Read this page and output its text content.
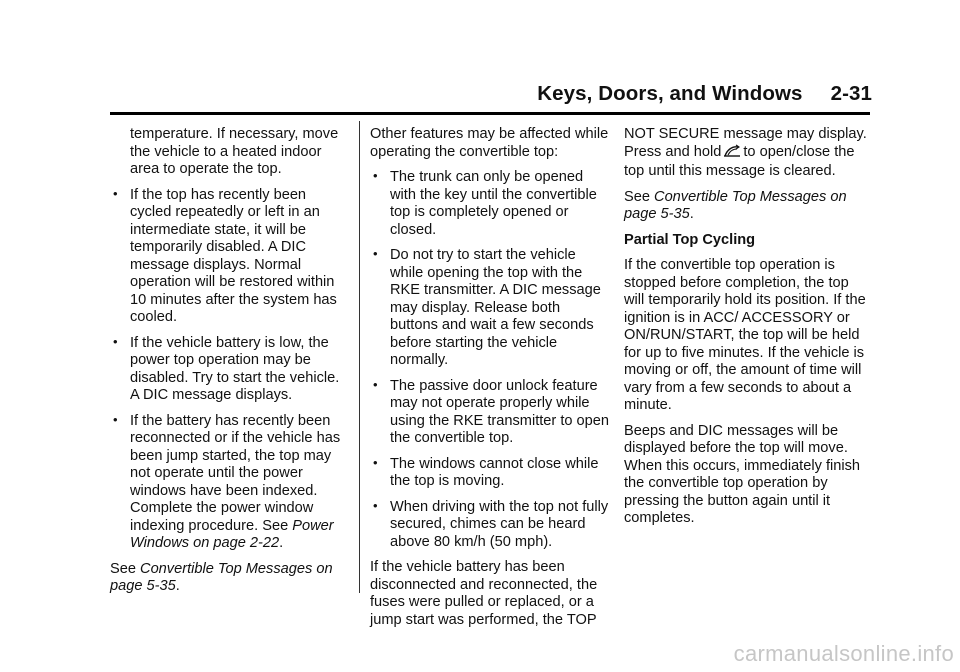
Keys, Doors, and Windows 2-31

temperature. If necessary, move the vehicle to a heated indoor area to operate the top.

• If the top has recently been cycled repeatedly or left in an intermediate state, it will be temporarily disabled. A DIC message displays. Normal operation will be restored within 10 minutes after the system has cooled.
• If the vehicle battery is low, the power top operation may be disabled. Try to start the vehicle. A DIC message displays.
• If the battery has recently been reconnected or if the vehicle has been jump started, the top may not operate until the power windows have been indexed. Complete the power window indexing procedure. See Power Windows on page 2-22.

See Convertible Top Messages on page 5-35.

Other features may be affected while operating the convertible top:

• The trunk can only be opened with the key until the convertible top is completely opened or closed.
• Do not try to start the vehicle while opening the top with the RKE transmitter. A DIC message may display. Release both buttons and wait a few seconds before starting the vehicle normally.
• The passive door unlock feature may not operate properly while using the RKE transmitter to open the convertible top.
• The windows cannot close while the top is moving.
• When driving with the top not fully secured, chimes can be heard above 80 km/h (50 mph).

If the vehicle battery has been disconnected and reconnected, the fuses were pulled or replaced, or a jump start was performed, the TOP

NOT SECURE message may display. Press and hold to open/close the top until this message is cleared.

See Convertible Top Messages on page 5-35.

Partial Top Cycling

If the convertible top operation is stopped before completion, the top will temporarily hold its position. If the ignition is in ACC/ ACCESSORY or ON/RUN/START, the top will be held for up to five minutes. If the vehicle is moving or off, the amount of time will vary from a few seconds to about a minute.

Beeps and DIC messages will be displayed before the top will move. When this occurs, immediately finish the convertible top operation by pressing the button again until it completes.

carmanualsonline.info
